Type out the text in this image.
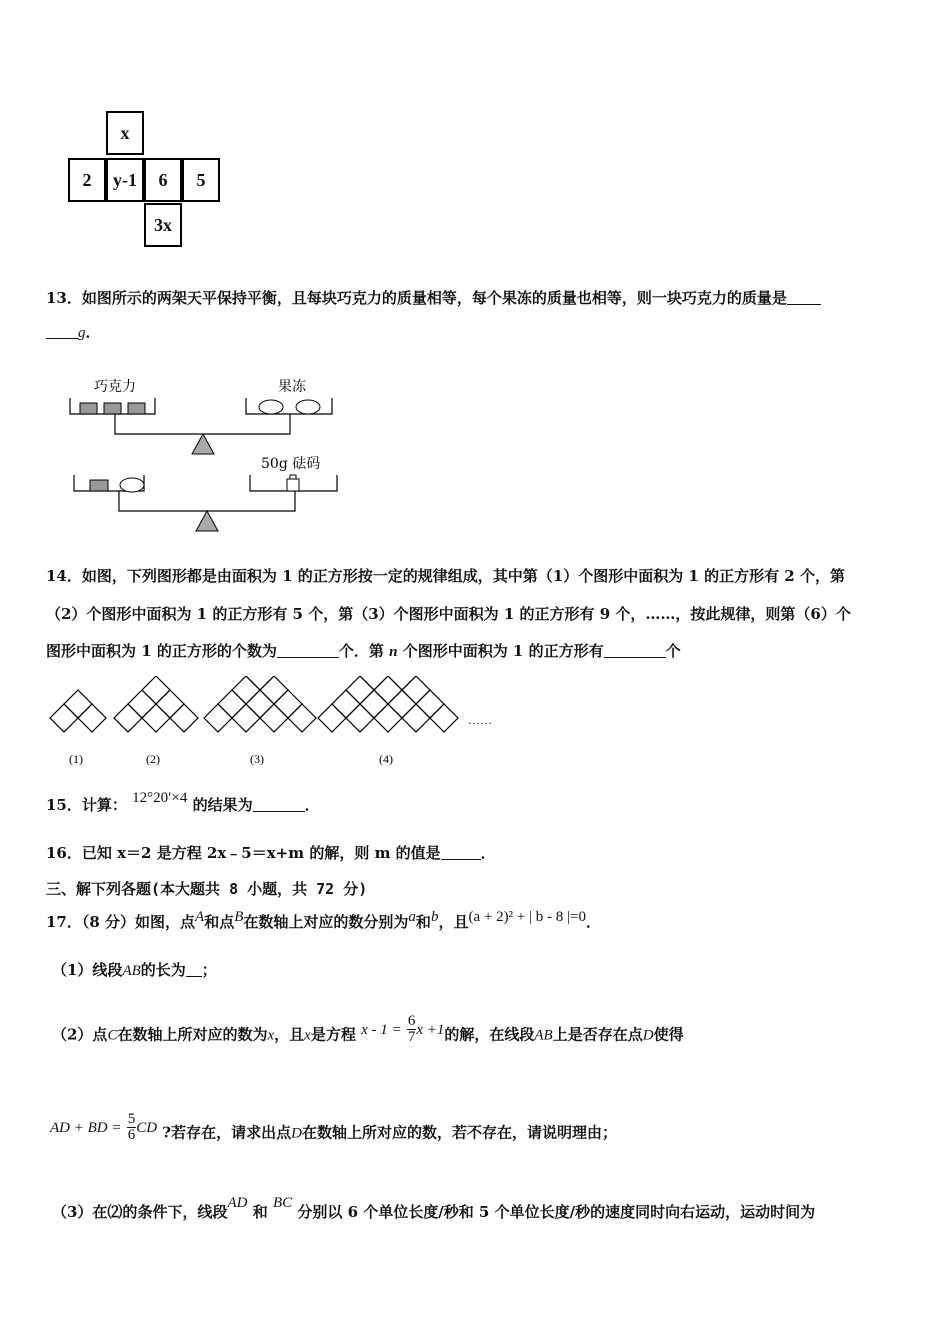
x
2	y-1	6	5
3x
13．如图所示的两架天平保持平衡，且每块巧克力的质量相等，每个果冻的质量也相等，则一块巧克力的质量是
g．
巧克力	果冻
50g 砝码
14．如图，下列图形都是由面积为 1 的正方形按一定的规律组成，其中第（1）个图形中面积为 1 的正方形有 2 个，第
（2）个图形中面积为 1 的正方形有 5 个，第（3）个图形中面积为 1 的正方形有 9 个，……，按此规律，则第（6）个
图形中面积为 1 的正方形的个数为	个．第 n 个图形中面积为 1 的正方形有	个
(1)	(2)	(3)	(4)
……
15．计算： 12°20′×4 的结果为	．
16．已知 x＝2 是方程 2x﹣5＝x+m 的解，则 m 的值是	．
三、解下列各题(本大题共 8 小题，共 72 分)
17．（8 分）如图，点A和点B在数轴上对应的数分别为a和b，且(a + 2)² + | b - 8 |=0．
（1）线段AB的长为 ；
（2）点C在数轴上所对应的数为x，且x是方程 $x - 1 = \frac{6}{7}$ x +1的解，在线段AB上是否存在点D使得
AD + BD = $\frac{5}{6}$ CD ?若存在，请求出点D在数轴上所对应的数，若不存在，请说明理由；
（3）在⑵的条件下，线段AD 和 BC 分别以 6 个单位长度/秒和 5 个单位长度/秒的速度同时向右运动，运动时间为
